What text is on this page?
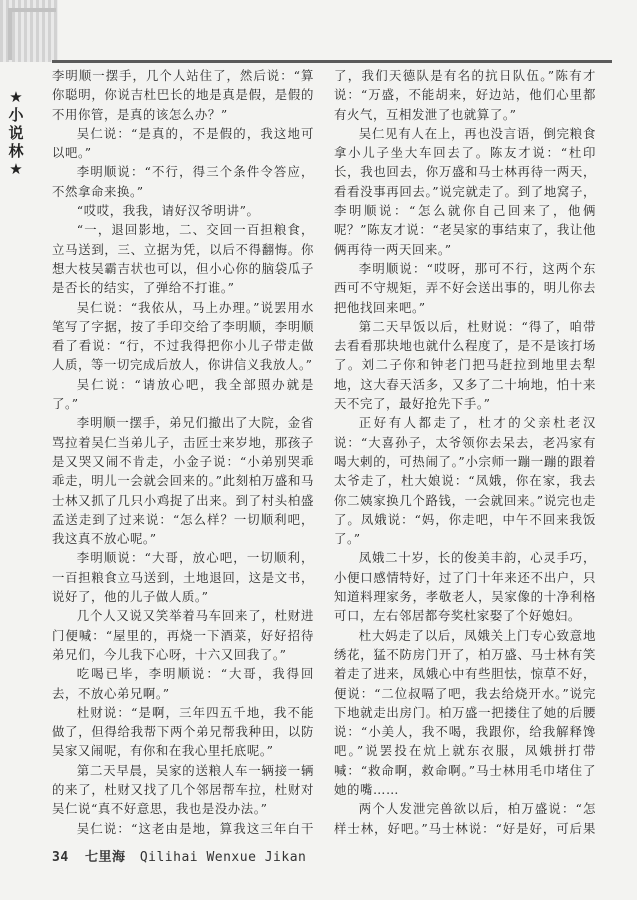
★小说林★

李明顺一摆手，几个人站住了，然后说：“算你聪明，你说吉杜巴长的地是真是假，是假的不用你管，是真的该怎么办？”

吴仁说：“是真的，不是假的，我这地可以吧。”

李明顺说：“不行，得三个条件令答应，不然拿命来换。”

“哎哎，我我，请好汉爷明讲”。

“一，退回影地，二、交回一百担粮食，立马送到，三、立据为凭，以后不得翻悔。你想大枝吴霸吉状也可以，但小心你的脑袋瓜子是否长的结实，了弹给不打谁。”

吴仁说：“我依从，马上办理。”说罢用水笔写了字据，按了手印交给了李明顺，李明顺看了看说：“行，不过我得把你小儿子带走做人质，等一切完成后放人，你讲信义我放人。”

吴仁说：“请放心吧，我全部照办就是了。”

李明顺一摆手，弟兄们撤出了大院，金省骂拉着吴仁当弟儿子，击匠士来岁地，那孩子是又哭又闹不肯走，小金子说：“小弟别哭乖乖走，明儿一会就会回来的。”此刻柏万盛和马士林又抓了几只小鸡捉了出来。到了村头柏盛孟送走到了过来说：“怎么样？一切顺利吧，我这真不放心呢。”

李明顺说：“大哥，放心吧，一切顺利，一百担粮食立马送到，土地退回，这是文书，说好了，他的儿子做人质。”

几个人又说又笑举着马车回来了，杜财进门便喊：“屋里的，再烧一下酒菜，好好招待弟兄们，今儿我下心呀，十六又回我了。”

吃喝已毕，李明顺说：“大哥，我得回去，不放心弟兄啊。”

杜财说：“是啊，三年四五千地，我不能做了，但得给我帮下两个弟兄帮我种田，以防吴家又闹呢，有你和在我心里托底呢。”

第二天早晨，吴家的送粮人车一辆接一辆的来了，杜财又找了几个邻居帮车拉，杜财对吴仁说“真不好意思，我也是没办法。”

吴仁说：“这老由是地，算我这三年白干

了，我们天德队是有名的抗日队伍。”陈有才说：“万盛，不能胡来，好边站，他们心里都有火气，互相发泄了也就算了。”

吴仁见有人在上，再也没言语，倒完粮食拿小儿子坐大车回去了。陈友才说：“杜印长，我也回去，你万盛和马士林再待一两天，看看没事再回去。”说完就走了。到了地窝子，李明顺说：“怎么就你自己回来了，他俩呢？”陈友才说：“老吴家的事结束了，我让他俩再待一两天回来。”

李明顺说：“哎呀，那可不行，这两个东西可不守规矩，弄不好会送出事的，明儿你去把他找回来吧。”

第二天早饭以后，杜财说：“得了，咱带去看看那块地也就什么程度了，是不是该打场了。刘二子你和钟老门把马赶拉到地里去犁地，这大春天活多，又多了二十垧地，怕十来天不完了，最好抢先下手。”

正好有人都走了，杜才的父亲杜老汉说：“大喜孙子，太爷领你去呆去，老冯家有喝大剌的，可热闹了。”小宗师一蹦一蹦的跟着太爷走了，杜大娘说：“凤娥，你在家，我去你二姨家换几个路钱，一会就回来。”说完也走了。凤娥说：“妈，你走吧，中午不回来我饭了。”

凤娥二十岁，长的俊美丰韵，心灵手巧，小便口感情特好，过了门十年来还不出户，只知道料理家务，孝敬老人，吴家像的十净利格可口，左右邻居都夸奖杜家娶了个好媳妇。

杜大妈走了以后，凤娥关上门专心致意地绣花，猛不防房门开了，柏万盛、马士林有笑着走了进来，凤娥心中有些胆怯，惊草不好，便说：“二位叔嗝了吧，我去给烧开水。”说完下地就走出房门。柏万盛一把搂住了她的后腰说：“小美人，我不喝，我跟你，给我解释馋吧。”说罢投在炕上就东衣服，凤娥拼打带喊：“救命啊，救命啊。”马士林用毛巾堵住了她的嘴……

两个人发泄完兽欲以后，柏万盛说：“怎样士林，好吧。”马士林说：“好是好，可后果

34 七里海 Qilihai Wenxue Jikan
